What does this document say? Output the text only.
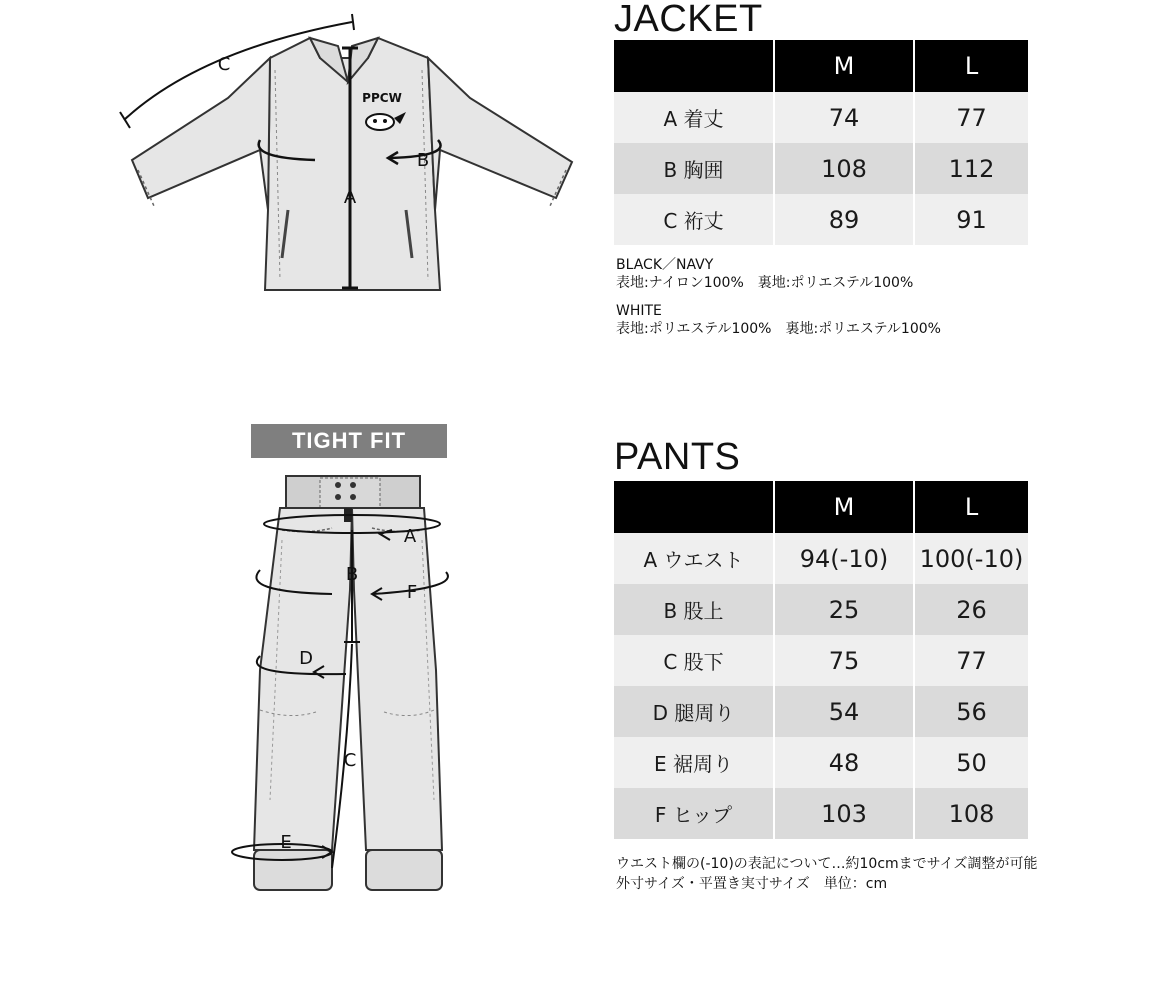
PPCW
A
B
C
JACKET
	M	L
A 着丈	74	77
B 胸囲	108	112
C 裄丈	89	91
BLACK／NAVY
表地:ナイロン100%　裏地:ポリエステル100%
WHITE
表地:ポリエステル100%　裏地:ポリエステル100%
TIGHT FIT
A
B
F
C
D
E
PANTS
	M	L
A ウエスト	94(-10)	100(-10)
B 股上	25	26
C 股下	75	77
D 腿周り	54	56
E 裾周り	48	50
F ヒップ	103	108
ウエスト欄の(-10)の表記について…約10cmまでサイズ調整が可能
外寸サイズ・平置き実寸サイズ　単位：cm
